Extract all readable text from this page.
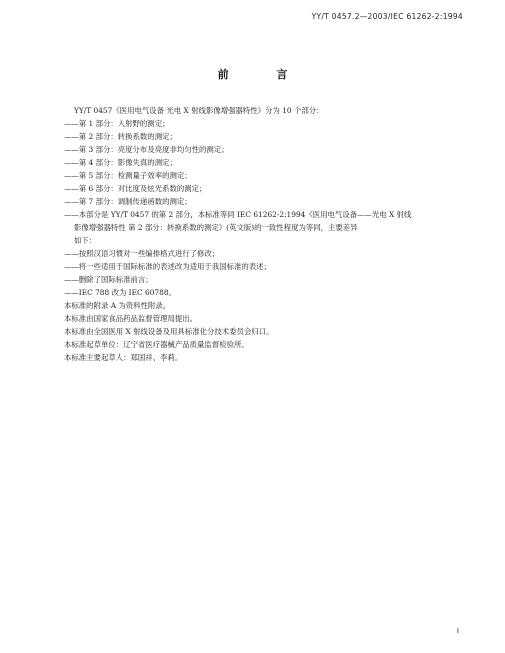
YY/T 0457.2—2003/IEC 61262-2:1994
前 言

YY/T 0457《医用电气设备 光电 X 射线影像增强器特性》分为 10 个部分：

——第 1 部分：入射野的测定；

——第 2 部分：转换系数的测定；

——第 3 部分：亮度分布及亮度非均匀性的测定；

——第 4 部分：影像失真的测定；

——第 5 部分：检测量子效率的测定；

——第 6 部分：对比度及炫光系数的测定；

——第 7 部分：调制传递函数的测定；

——本部分是 YY/T 0457 的第 2 部分，本标准等同 IEC 61262-2:1994《医用电气设备——光电 X 射线

影像增强器特性 第 2 部分：转换系数的测定》(英文版)的一致性程度为等同，主要差异

如下：

——按照汉语习惯对一些编排格式进行了修改；

——将一些适用于国际标准的表述改为适用于我国标准的表述；

——删除了国际标准前言；

——IEC 788 改为 IEC 60788。

本标准的附录 A 为资料性附录。

本标准由国家食品药品监督管理局提出。

本标准由全国医用 X 射线设备及用具标准化分技术委员会归口。

本标准起草单位：辽宁省医疗器械产品质量监督检验所。

本标准主要起草人：郑国祥、李莉。

I
